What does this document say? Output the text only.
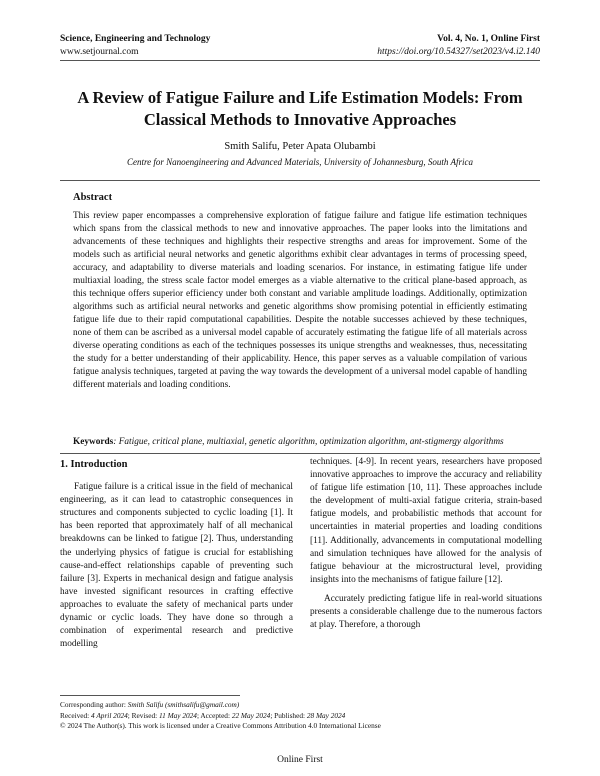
Science, Engineering and Technology	Vol. 4, No. 1, Online First
www.setjournal.com	https://doi.org/10.54327/set2023/v4.i2.140
A Review of Fatigue Failure and Life Estimation Models: From Classical Methods to Innovative Approaches
Smith Salifu, Peter Apata Olubambi
Centre for Nanoengineering and Advanced Materials, University of Johannesburg, South Africa
Abstract

This review paper encompasses a comprehensive exploration of fatigue failure and fatigue life estimation techniques which spans from the classical methods to new and innovative approaches. The paper looks into the limitations and advancements of these techniques and highlights their respective strengths and areas for improvement. Some of the models such as artificial neural networks and genetic algorithms exhibit clear advantages in terms of processing speed, accuracy, and adaptability to diverse materials and loading scenarios. For instance, in estimating fatigue life under multiaxial loading, the stress scale factor model emerges as a viable alternative to the critical plane-based approach, as this technique offers superior efficiency under both constant and variable amplitude loadings. Additionally, optimization algorithms such as artificial neural networks and genetic algorithms show promising potential in efficiently estimating fatigue life due to their rapid computational capabilities. Despite the notable successes achieved by these techniques, none of them can be ascribed as a universal model capable of accurately estimating the fatigue life of all materials across diverse operating conditions as each of the techniques possesses its unique strengths and weaknesses, thus, necessitating the study for a better understanding of their applicability. Hence, this paper serves as a valuable compilation of various fatigue analysis techniques, targeted at paving the way towards the development of a universal model capable of handling different materials and loading conditions.

Keywords: Fatigue, critical plane, multiaxial, genetic algorithm, optimization algorithm, ant-stigmergy algorithms
1. Introduction

Fatigue failure is a critical issue in the field of mechanical engineering, as it can lead to catastrophic consequences in structures and components subjected to cyclic loading [1]. It has been reported that approximately half of all mechanical breakdowns can be linked to fatigue [2]. Thus, understanding the underlying physics of fatigue is crucial for establishing cause-and-effect relationships capable of preventing such failure [3]. Experts in mechanical design and fatigue analysis have invested significant resources in crafting effective approaches to evaluate the safety of mechanical parts under dynamic or cyclic loads. They have done so through a combination of experimental research and predictive modelling

techniques. [4-9]. In recent years, researchers have proposed innovative approaches to improve the accuracy and reliability of fatigue life estimation [10, 11]. These approaches include the development of multi-axial fatigue criteria, strain-based fatigue models, and probabilistic methods that account for uncertainties in material properties and loading conditions [11]. Additionally, advancements in computational modelling and simulation techniques have allowed for the analysis of fatigue behaviour at the microstructural level, providing insights into the mechanisms of fatigue failure [12].

Accurately predicting fatigue life in real-world situations presents a considerable challenge due to the numerous factors at play. Therefore, a thorough

Corresponding author: Smith Salifu (smithsalifu@gmail.com)
Received: 4 April 2024; Revised: 11 May 2024; Accepted: 22 May 2024; Published: 28 May 2024
© 2024 The Author(s). This work is licensed under a Creative Commons Attribution 4.0 International License
Online First
